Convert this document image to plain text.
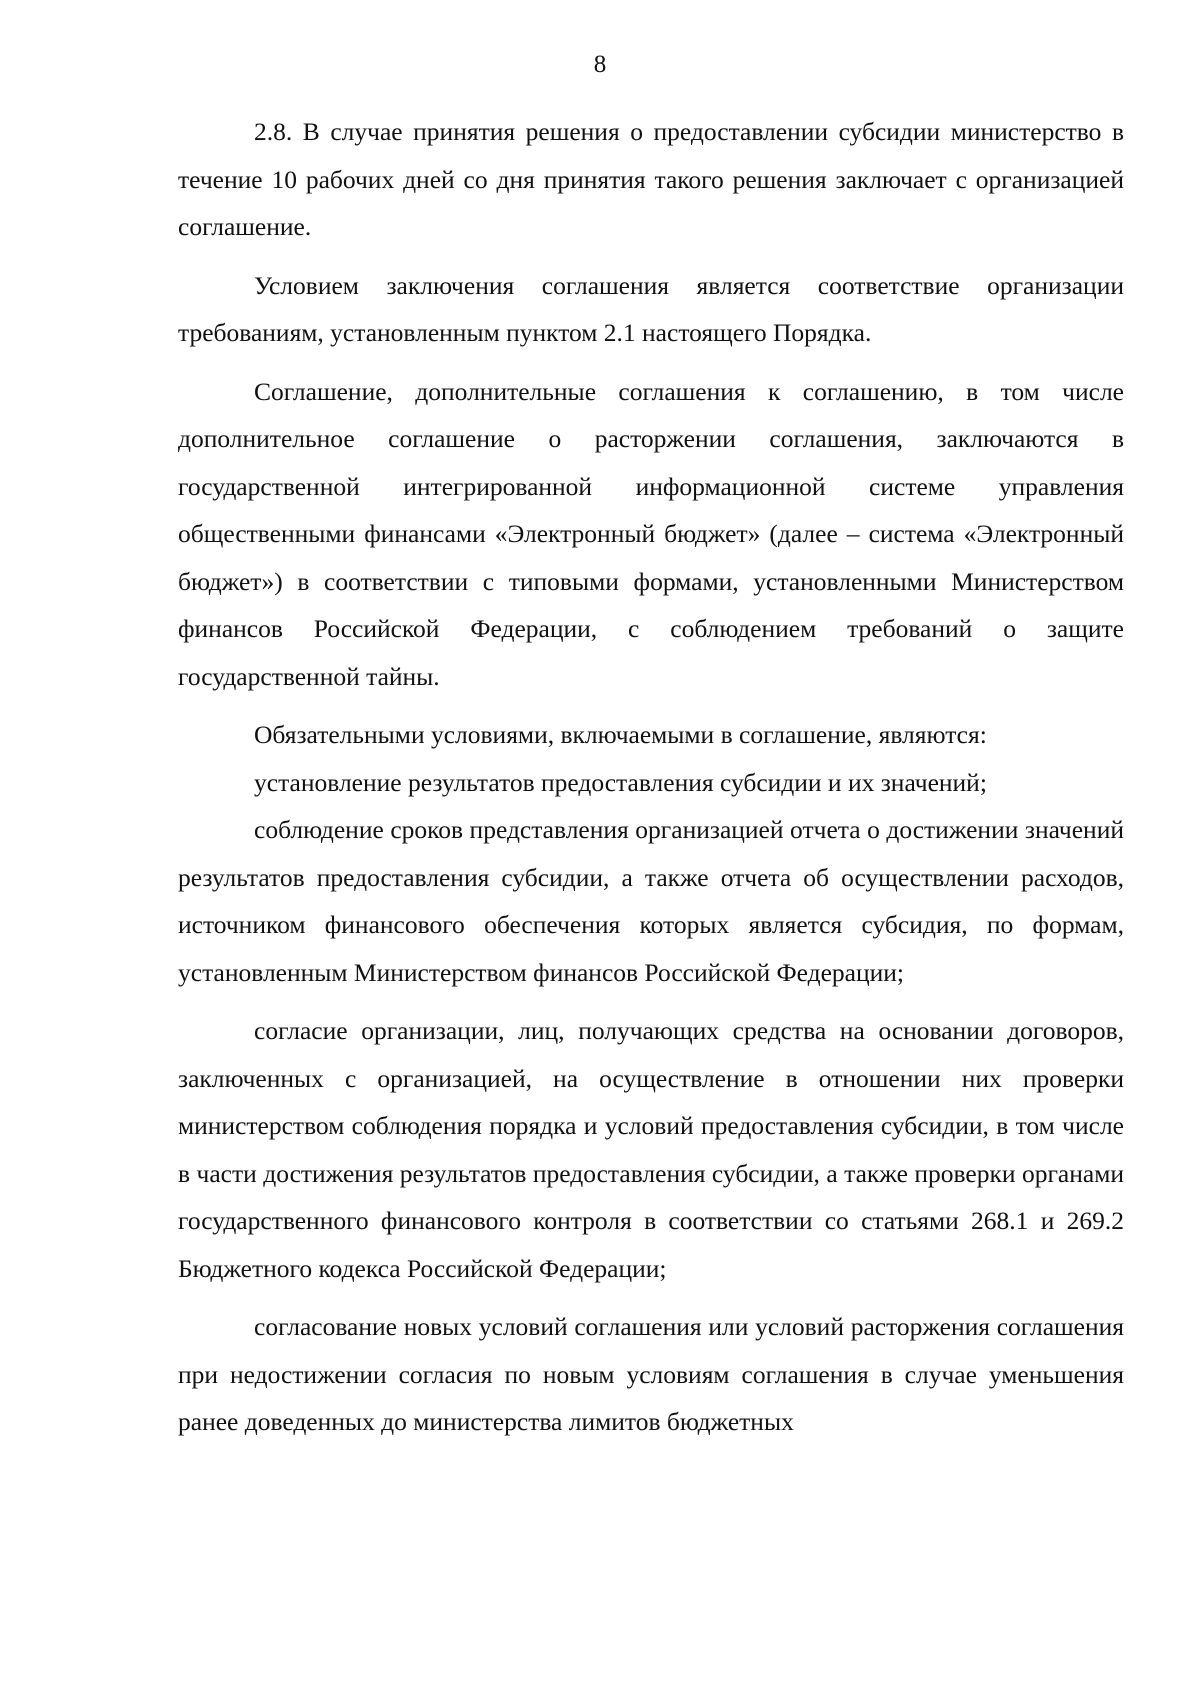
8

2.8. В случае принятия решения о предоставлении субсидии министерство в течение 10 рабочих дней со дня принятия такого решения заключает с организацией соглашение.

Условием заключения соглашения является соответствие организации требованиям, установленным пунктом 2.1 настоящего Порядка.

Соглашение, дополнительные соглашения к соглашению, в том числе дополнительное соглашение о расторжении соглашения, заключаются в государственной интегрированной информационной системе управления общественными финансами «Электронный бюджет» (далее – система «Электронный бюджет») в соответствии с типовыми формами, установленными Министерством финансов Российской Федерации, с соблюдением требований о защите государственной тайны.

Обязательными условиями, включаемыми в соглашение, являются:

установление результатов предоставления субсидии и их значений;

соблюдение сроков представления организацией отчета о достижении значений результатов предоставления субсидии, а также отчета об осуществлении расходов, источником финансового обеспечения которых является субсидия, по формам, установленным Министерством финансов Российской Федерации;

согласие организации, лиц, получающих средства на основании договоров, заключенных с организацией, на осуществление в отношении них проверки министерством соблюдения порядка и условий предоставления субсидии, в том числе в части достижения результатов предоставления субсидии, а также проверки органами государственного финансового контроля в соответствии со статьями 268.1 и 269.2 Бюджетного кодекса Российской Федерации;

согласование новых условий соглашения или условий расторжения соглашения при недостижении согласия по новым условиям соглашения в случае уменьшения ранее доведенных до министерства лимитов бюджетных
